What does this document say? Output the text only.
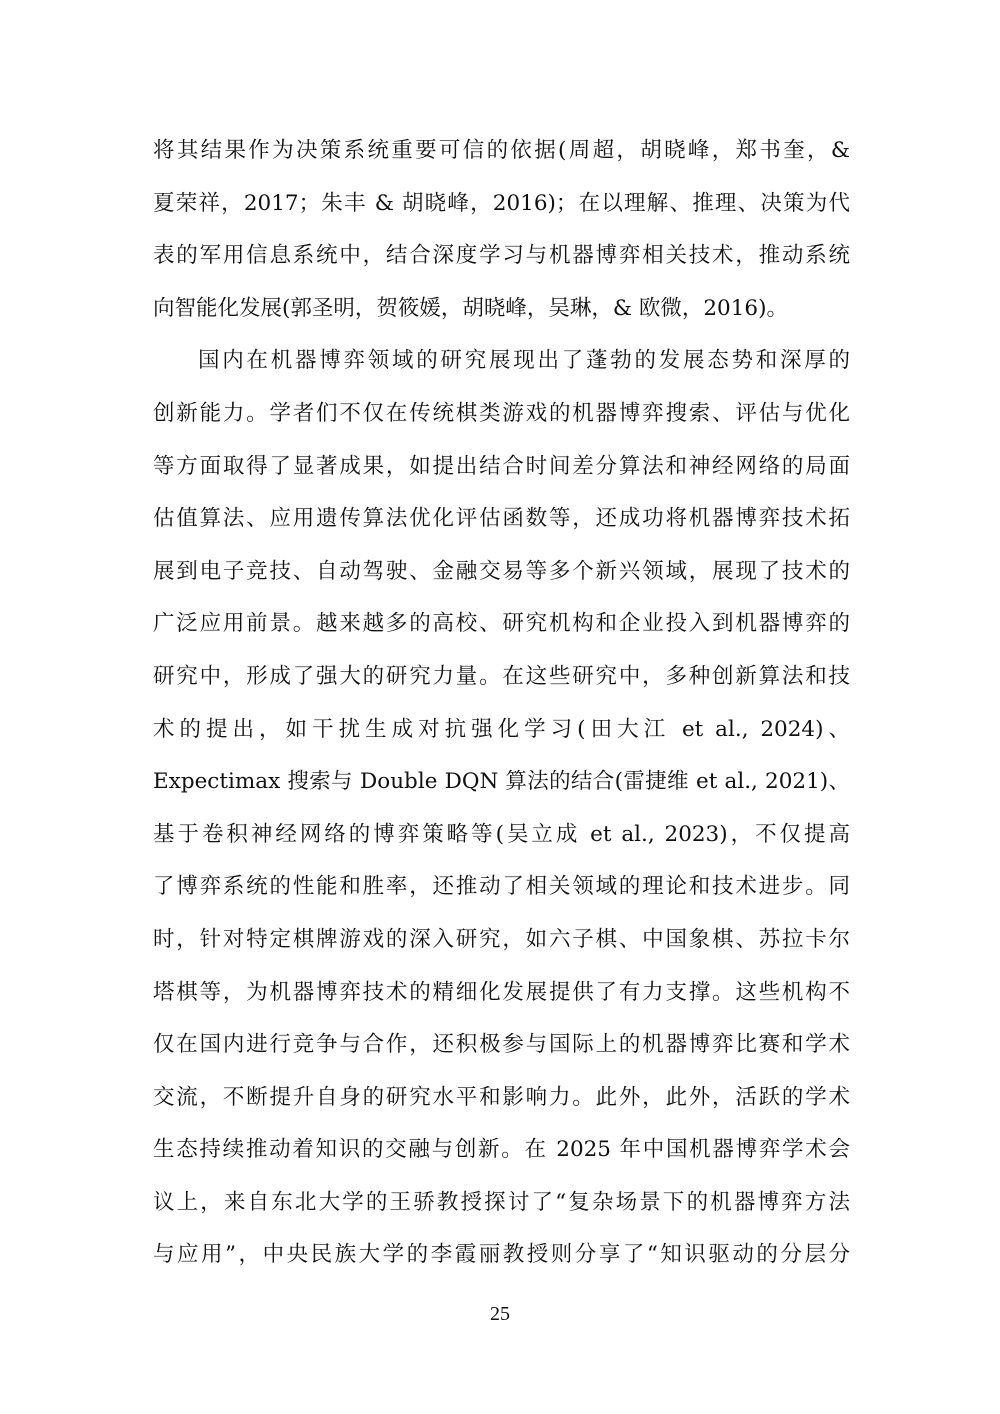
将其结果作为决策系统重要可信的依据(周超，胡晓峰，郑书奎，&
夏荣祥，2017；朱丰 & 胡晓峰，2016)；在以理解、推理、决策为代
表的军用信息系统中，结合深度学习与机器博弈相关技术，推动系统
向智能化发展(郭圣明，贺筱媛，胡晓峰，吴琳，& 欧微，2016)。
国内在机器博弈领域的研究展现出了蓬勃的发展态势和深厚的
创新能力。学者们不仅在传统棋类游戏的机器博弈搜索、评估与优化
等方面取得了显著成果，如提出结合时间差分算法和神经网络的局面
估值算法、应用遗传算法优化评估函数等，还成功将机器博弈技术拓
展到电子竞技、自动驾驶、金融交易等多个新兴领域，展现了技术的
广泛应用前景。越来越多的高校、研究机构和企业投入到机器博弈的
研究中，形成了强大的研究力量。在这些研究中，多种创新算法和技
术的提出，如干扰生成对抗强化学习(田大江 et al., 2024)、
Expectimax 搜索与 Double DQN 算法的结合(雷捷维 et al., 2021)、
基于卷积神经网络的博弈策略等(吴立成 et al., 2023)，不仅提高
了博弈系统的性能和胜率，还推动了相关领域的理论和技术进步。同
时，针对特定棋牌游戏的深入研究，如六子棋、中国象棋、苏拉卡尔
塔棋等，为机器博弈技术的精细化发展提供了有力支撑。这些机构不
仅在国内进行竞争与合作，还积极参与国际上的机器博弈比赛和学术
交流，不断提升自身的研究水平和影响力。此外，此外，活跃的学术
生态持续推动着知识的交融与创新。在 2025 年中国机器博弈学术会
议上，来自东北大学的王骄教授探讨了“复杂场景下的机器博弈方法
与应用”，中央民族大学的李霞丽教授则分享了“知识驱动的分层分
25
